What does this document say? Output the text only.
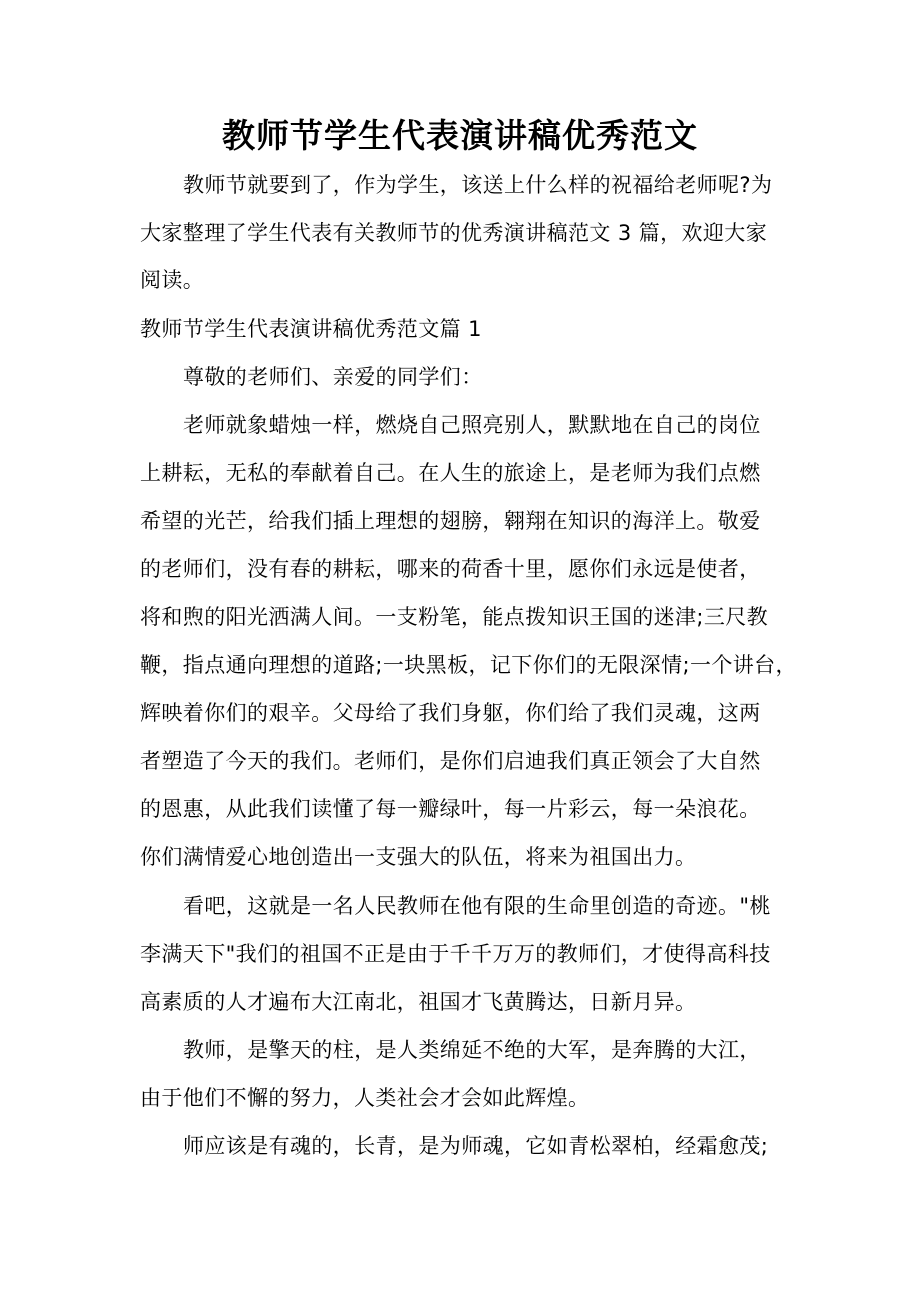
教师节学生代表演讲稿优秀范文
教师节就要到了，作为学生，该送上什么样的祝福给老师呢?为
大家整理了学生代表有关教师节的优秀演讲稿范文 3 篇，欢迎大家
阅读。
教师节学生代表演讲稿优秀范文篇 1
尊敬的老师们、亲爱的同学们：
老师就象蜡烛一样，燃烧自己照亮别人，默默地在自己的岗位
上耕耘，无私的奉献着自己。在人生的旅途上，是老师为我们点燃
希望的光芒，给我们插上理想的翅膀，翱翔在知识的海洋上。敬爱
的老师们，没有春的耕耘，哪来的荷香十里，愿你们永远是使者，
将和煦的阳光洒满人间。一支粉笔，能点拨知识王国的迷津;三尺教
鞭，指点通向理想的道路;一块黑板，记下你们的无限深情;一个讲台，
辉映着你们的艰辛。父母给了我们身躯，你们给了我们灵魂，这两
者塑造了今天的我们。老师们，是你们启迪我们真正领会了大自然
的恩惠，从此我们读懂了每一瓣绿叶，每一片彩云，每一朵浪花。
你们满情爱心地创造出一支强大的队伍，将来为祖国出力。
看吧，这就是一名人民教师在他有限的生命里创造的奇迹。"桃
李满天下"我们的祖国不正是由于千千万万的教师们，才使得高科技
高素质的人才遍布大江南北，祖国才飞黄腾达，日新月异。
教师，是擎天的柱，是人类绵延不绝的大军，是奔腾的大江，
由于他们不懈的努力，人类社会才会如此辉煌。
师应该是有魂的，长青，是为师魂，它如青松翠柏，经霜愈茂;
